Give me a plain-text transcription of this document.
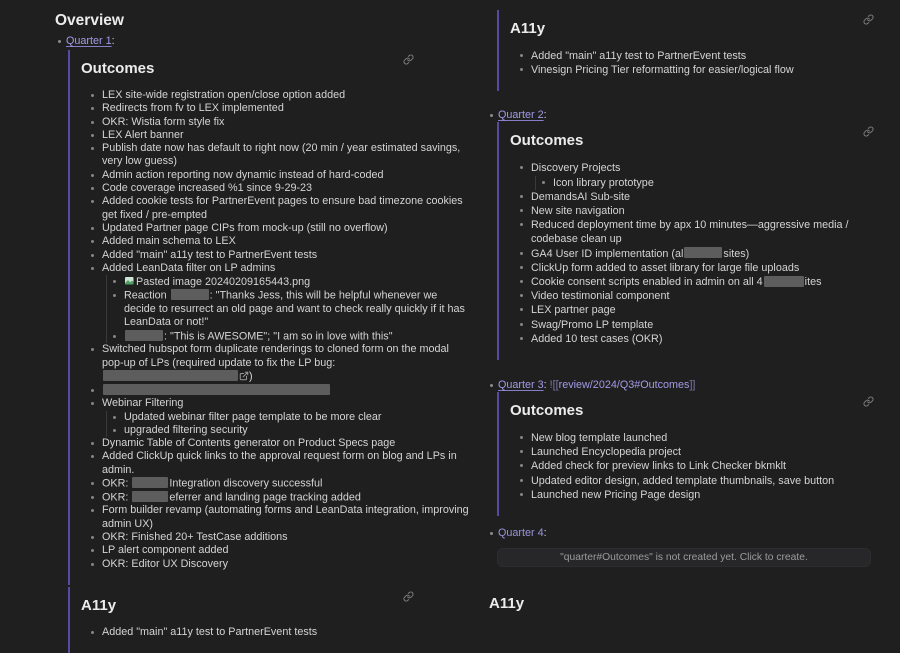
Overview
Quarter 1:
Outcomes
LEX site-wide registration open/close option added
Redirects from fv to LEX implemented
OKR: Wistia form style fix
LEX Alert banner
Publish date now has default to right now (20 min / year estimated savings, very low guess)
Admin action reporting now dynamic instead of hard-coded
Code coverage increased %1 since 9-29-23
Added cookie tests for PartnerEvent pages to ensure bad timezone cookies get fixed / pre-empted
Updated Partner page CIPs from mock-up (still no overflow)
Added main schema to LEX
Added "main" a11y test to PartnerEvent tests
Added LeanData filter on LP admins
Pasted image 20240209165443.png
Reaction	: "Thanks Jess, this will be helpful whenever we decide to resurrect an old page and want to check really quickly if it has LeanData or not!"
: "This is AWESOME"; "I am so in love with this"
Switched hubspot form duplicate renderings to cloned form on the modal pop-up of LPs (required update to fix the LP bug: )
Webinar Filtering
Updated webinar filter page template to be more clear
upgraded filtering security
Dynamic Table of Contents generator on Product Specs page
Added ClickUp quick links to the approval request form on blog and LPs in admin.
OKR:	Integration discovery successful
OKR:	eferrer and landing page tracking added
Form builder revamp (automating forms and LeanData integration, improving admin UX)
OKR: Finished 20+ TestCase additions
LP alert component added
OKR: Editor UX Discovery
A11y
Added "main" a11y test to PartnerEvent tests
A11y
Added "main" a11y test to PartnerEvent tests
Vinesign Pricing Tier reformatting for easier/logical flow
Quarter 2:
Outcomes
Discovery Projects
Icon library prototype
DemandsAI Sub-site
New site navigation
Reduced deployment time by apx 10 minutes—aggressive media / codebase clean up
GA4 User ID implementation (al	sites)
ClickUp form added to asset library for large file uploads
Cookie consent scripts enabled in admin on all 4	ites
Video testimonial component
LEX partner page
Swag/Promo LP template
Added 10 test cases (OKR)
Quarter 3: ![[review/2024/Q3#Outcomes]]
Outcomes
New blog template launched
Launched Encyclopedia project
Added check for preview links to Link Checker bkmklt
Updated editor design, added template thumbnails, save button
Launched new Pricing Page design
Quarter 4:
"quarter#Outcomes" is not created yet. Click to create.
A11y
